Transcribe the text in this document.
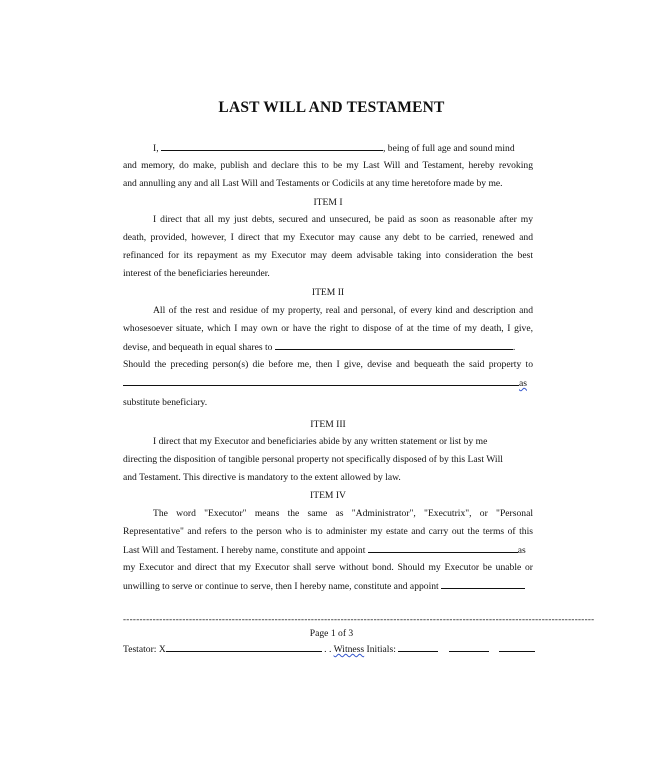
LAST WILL AND TESTAMENT
I,	, being of full age and sound mind
and memory, do make, publish and declare this to be my Last Will and Testament, hereby revoking
and annulling any and all Last Will and Testaments or Codicils at any time heretofore made by me.
ITEM I
I direct that all my just debts, secured and unsecured, be paid as soon as reasonable after my
death, provided, however, I direct that my Executor may cause any debt to be carried, renewed and
refinanced for its repayment as my Executor may deem advisable taking into consideration the best
interest of the beneficiaries hereunder.
ITEM II
All of the rest and residue of my property, real and personal, of every kind and description and
whosesoever situate, which I may own or have the right to dispose of at the time of my death, I give,
devise, and bequeath in equal shares to	.
Should the preceding person(s) die before me, then I give, devise and bequeath the said property to
as
substitute beneficiary.
ITEM III
I direct that my Executor and beneficiaries abide by any written statement or list by me
directing the disposition of tangible personal property not specifically disposed of by this Last Will
and Testament. This directive is mandatory to the extent allowed by law.
ITEM IV
The word "Executor" means the same as "Administrator", "Executrix", or "Personal
Representative" and refers to the person who is to administer my estate and carry out the terms of this
Last Will and Testament. I hereby name, constitute and appoint	as
my Executor and direct that my Executor shall serve without bond. Should my Executor be unable or
unwilling to serve or continue to serve, then I hereby name, constitute and appoint
-----------------------------------------------------------------------------------------------------------------------------------------------
Page 1 of 3
Testator: X	. . Witness Initials:
